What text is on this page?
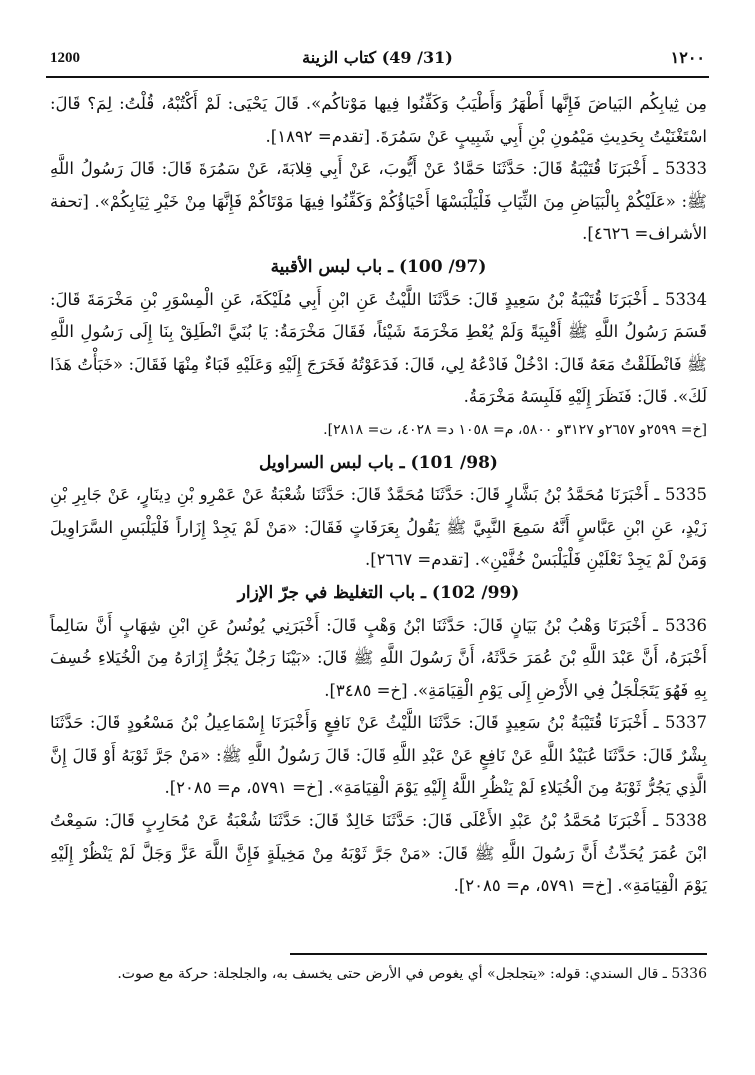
1200	(31/ 49) كتاب الزينة	١٢٠٠

مِن ثِيابِكُم البَياضَ فَإِنَّها أَطْهَرُ وَأَطْيَبُ وَكَفِّنُوا فِيها مَوْتاكُم». قَالَ يَحْيَى: لَمْ أَكْتُبْهُ، قُلْتُ: لِمَ؟ قَالَ: اسْتَغْنَيْتُ بِحَدِيثِ مَيْمُونِ بْنِ أَبِي شَبِيبٍ عَنْ سَمُرَةَ. [تقدم= ١٨٩٢].

5333 ـ أَخْبَرَنَا قُتَيْبَةُ قَالَ: حَدَّثَنَا حَمَّادٌ عَنْ أَيُّوبَ، عَنْ أَبِي قِلابَةَ، عَنْ سَمُرَةَ قَالَ: قَالَ رَسُولُ اللَّهِ ﷺ: «عَلَيْكُمْ بِالْبَيَاضِ مِنَ الثِّيَابِ فَلْيَلْبَسْهَا أَحْيَاؤُكُمْ وَكَفِّنُوا فِيهَا مَوْتَاكُمْ فَإِنَّهَا مِنْ خَيْرِ ثِيَابِكُمْ». [تحفة الأشراف= ٤٦٢٦].

(97/ 100) ـ باب لبس الأقبية

5334 ـ أَخْبَرَنَا قُتَيْبَةُ بْنُ سَعِيدٍ قَالَ: حَدَّثَنَا اللَّيْثُ عَنِ ابْنِ أَبِي مُلَيْكَةَ، عَنِ الْمِسْوَرِ بْنِ مَخْرَمَةَ قَالَ: قَسَمَ رَسُولُ اللَّهِ ﷺ أَقْبِيَةً وَلَمْ يُعْطِ مَخْرَمَةَ شَيْئاً، فَقَالَ مَخْرَمَةُ: يَا بُنَيَّ انْطَلِقْ بِنَا إِلَى رَسُولِ اللَّهِ ﷺ فَانْطَلَقْتُ مَعَهُ قَالَ: ادْخُلْ فَادْعُهُ لِي، قَالَ: فَدَعَوْتُهُ فَخَرَجَ إِلَيْهِ وَعَلَيْهِ قَبَاءٌ مِنْهَا فَقَالَ: «خَبَأْتُ هَذَا لَكَ». قَالَ: فَنَظَرَ إِلَيْهِ فَلَبِسَهُ مَخْرَمَةُ.

[خ= ٢٥٩٩و ٢٦٥٧و ٣١٢٧و ٥٨٠٠، م= ١٠٥٨ د= ٤٠٢٨، ت= ٢٨١٨].

(98/ 101) ـ باب لبس السراويل

5335 ـ أَخْبَرَنَا مُحَمَّدُ بْنُ بَشَّارٍ قَالَ: حَدَّثَنَا مُحَمَّدٌ قَالَ: حَدَّثَنَا شُعْبَةُ عَنْ عَمْرِو بْنِ دِينَارٍ، عَنْ جَابِرِ بْنِ زَيْدٍ، عَنِ ابْنِ عَبَّاسٍ أَنَّهُ سَمِعَ النَّبِيَّ ﷺ يَقُولُ بِعَرَفَاتٍ فَقَالَ: «مَنْ لَمْ يَجِدْ إِزَاراً فَلْيَلْبَسِ السَّرَاوِيلَ وَمَنْ لَمْ يَجِدْ نَعْلَيْنِ فَلْيَلْبَسْ خُفَّيْنِ». [تقدم= ٢٦٦٧].

(99/ 102) ـ باب التغليظ في جرّ الإزار

5336 ـ أَخْبَرَنَا وَهْبُ بْنُ بَيَانٍ قَالَ: حَدَّثَنَا ابْنُ وَهْبٍ قَالَ: أَخْبَرَنِي يُونُسُ عَنِ ابْنِ شِهَابٍ أَنَّ سَالِماً أَخْبَرَهُ، أَنَّ عَبْدَ اللَّهِ بْنَ عُمَرَ حَدَّثَهُ، أَنَّ رَسُولَ اللَّهِ ﷺ قَالَ: «بَيْنَا رَجُلٌ يَجُرُّ إِزَارَهُ مِنَ الْخُيَلاءِ خُسِفَ بِهِ فَهُوَ يَتَجَلْجَلُ فِي الأَرْضِ إِلَى يَوْمِ الْقِيَامَةِ». [خ= ٣٤٨٥].

5337 ـ أَخْبَرَنَا قُتَيْبَةُ بْنُ سَعِيدٍ قَالَ: حَدَّثَنَا اللَّيْثُ عَنْ نَافِعٍ وَأَخْبَرَنَا إِسْمَاعِيلُ بْنُ مَسْعُودٍ قَالَ: حَدَّثَنَا بِشْرٌ قَالَ: حَدَّثَنَا عُبَيْدُ اللَّهِ عَنْ نَافِعٍ عَنْ عَبْدِ اللَّهِ قَالَ: قَالَ رَسُولُ اللَّهِ ﷺ: «مَنْ جَرَّ ثَوْبَهُ أَوْ قَالَ إِنَّ الَّذِي يَجُرُّ ثَوْبَهُ مِنَ الْخُيَلاءِ لَمْ يَنْظُرِ اللَّهُ إِلَيْهِ يَوْمَ الْقِيَامَةِ». [خ= ٥٧٩١، م= ٢٠٨٥].

5338 ـ أَخْبَرَنَا مُحَمَّدُ بْنُ عَبْدِ الأَعْلَى قَالَ: حَدَّثَنَا خَالِدٌ قَالَ: حَدَّثَنَا شُعْبَةُ عَنْ مُحَارِبٍ قَالَ: سَمِعْتُ ابْنَ عُمَرَ يُحَدِّثُ أَنَّ رَسُولَ اللَّهِ ﷺ قَالَ: «مَنْ جَرَّ ثَوْبَهُ مِنْ مَخِيلَةٍ فَإِنَّ اللَّهَ عَزَّ وَجَلَّ لَمْ يَنْظُرْ إِلَيْهِ يَوْمَ الْقِيَامَةِ». [خ= ٥٧٩١، م= ٢٠٨٥].

5336 ـ قال السندي: قوله: «يتجلجل» أي يغوص في الأرض حتى يخسف به، والجلجلة: حركة مع صوت.
